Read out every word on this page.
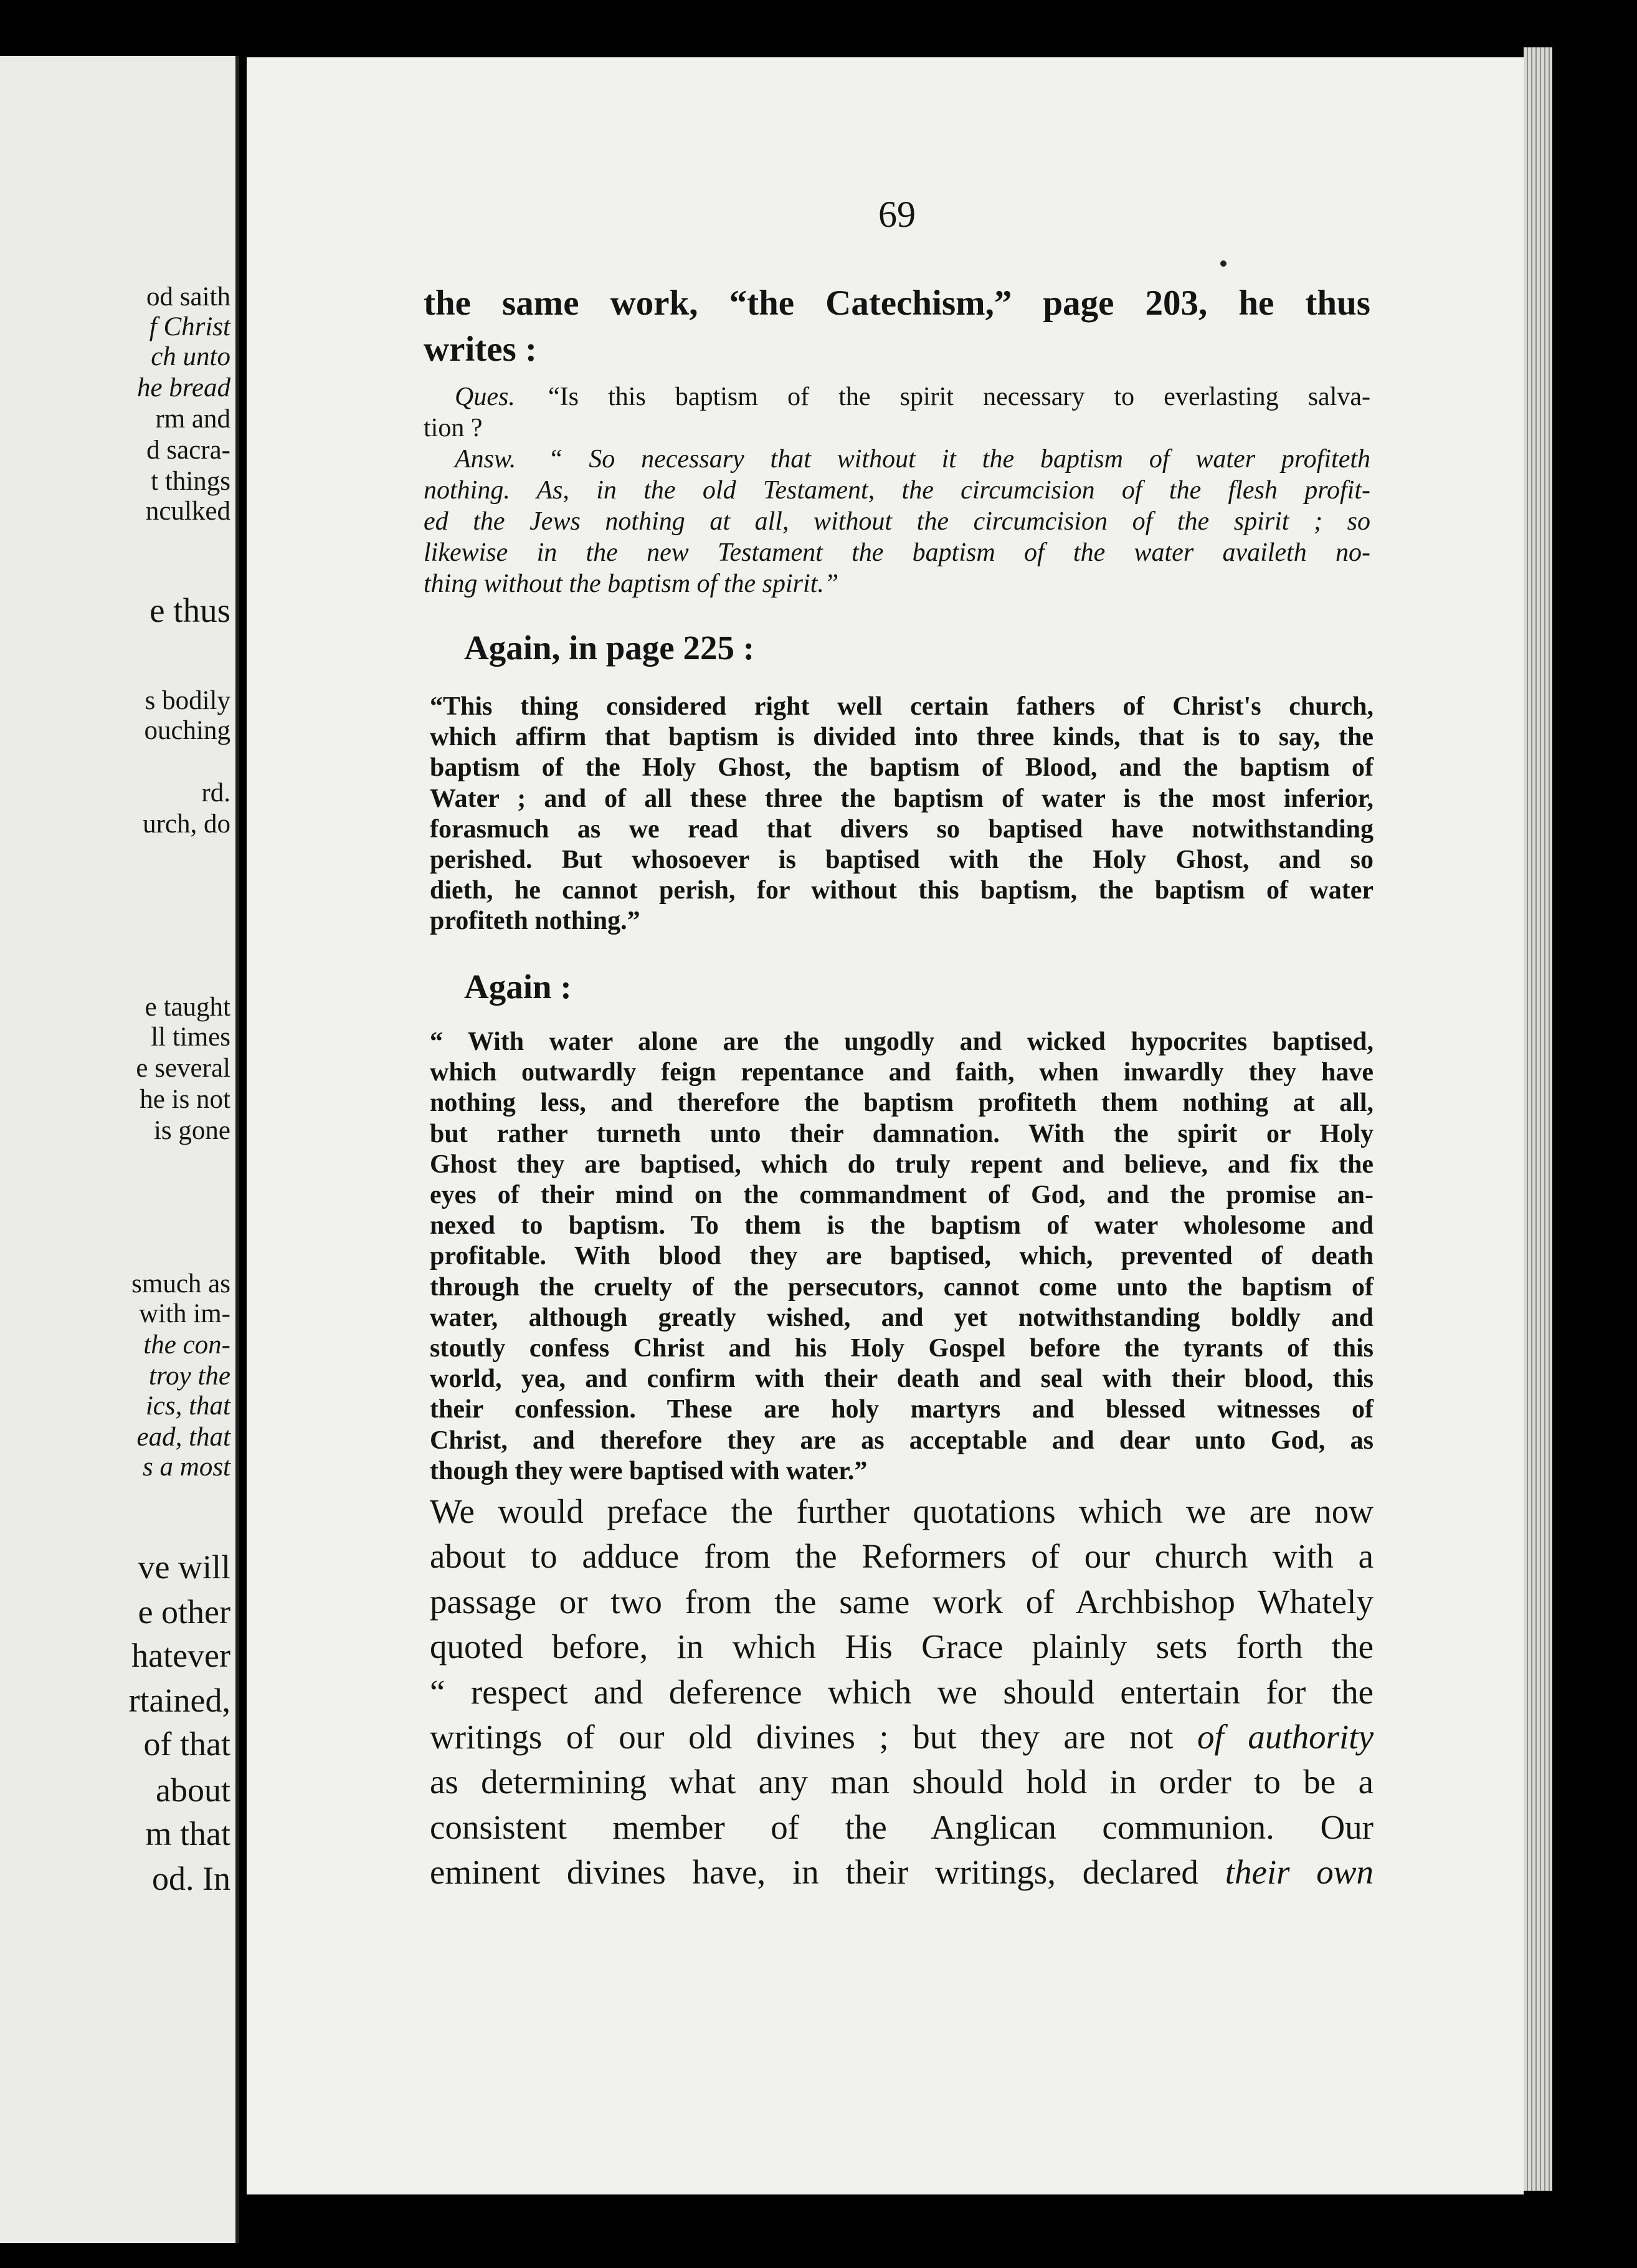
od saith

f Christ

ch unto

he bread

rm and

d sacra-

t things

nculked

e thus

s bodily

ouching

rd.

urch, do

e taught

ll times

e several

he is not

is gone

smuch as

with im-

the con-

troy the

ics, that

ead, that

s a most

ve will

e other

hatever

rtained,

of that

about

m that

od. In

69

the same work, “the Catechism,” page 203, he thus
writes :
Ques. “Is this baptism of the spirit necessary to everlasting salva-
tion ?
Answ. “ So necessary that without it the baptism of water profiteth
nothing. As, in the old Testament, the circumcision of the flesh profit-
ed the Jews nothing at all, without the circumcision of the spirit ; so
likewise in the new Testament the baptism of the water availeth no-
thing without the baptism of the spirit.”

Again, in page 225 :

“This thing considered right well certain fathers of Christ's church,
which affirm that baptism is divided into three kinds, that is to say, the
baptism of the Holy Ghost, the baptism of Blood, and the baptism of
Water ; and of all these three the baptism of water is the most inferior,
forasmuch as we read that divers so baptised have notwithstanding
perished. But whosoever is baptised with the Holy Ghost, and so
dieth, he cannot perish, for without this baptism, the baptism of water
profiteth nothing.”

Again :

“ With water alone are the ungodly and wicked hypocrites baptised,
which outwardly feign repentance and faith, when inwardly they have
nothing less, and therefore the baptism profiteth them nothing at all,
but rather turneth unto their damnation. With the spirit or Holy
Ghost they are baptised, which do truly repent and believe, and fix the
eyes of their mind on the commandment of God, and the promise an-
nexed to baptism. To them is the baptism of water wholesome and
profitable. With blood they are baptised, which, prevented of death
through the cruelty of the persecutors, cannot come unto the baptism of
water, although greatly wished, and yet notwithstanding boldly and
stoutly confess Christ and his Holy Gospel before the tyrants of this
world, yea, and confirm with their death and seal with their blood, this
their confession. These are holy martyrs and blessed witnesses of
Christ, and therefore they are as acceptable and dear unto God, as
though they were baptised with water.”
We would preface the further quotations which we are now
about to adduce from the Reformers of our church with a
passage or two from the same work of Archbishop Whately
quoted before, in which His Grace plainly sets forth the
“ respect and deference which we should entertain for the
writings of our old divines ; but they are not of authority
as determining what any man should hold in order to be a
consistent member of the Anglican communion. Our
eminent divines have, in their writings, declared their own
